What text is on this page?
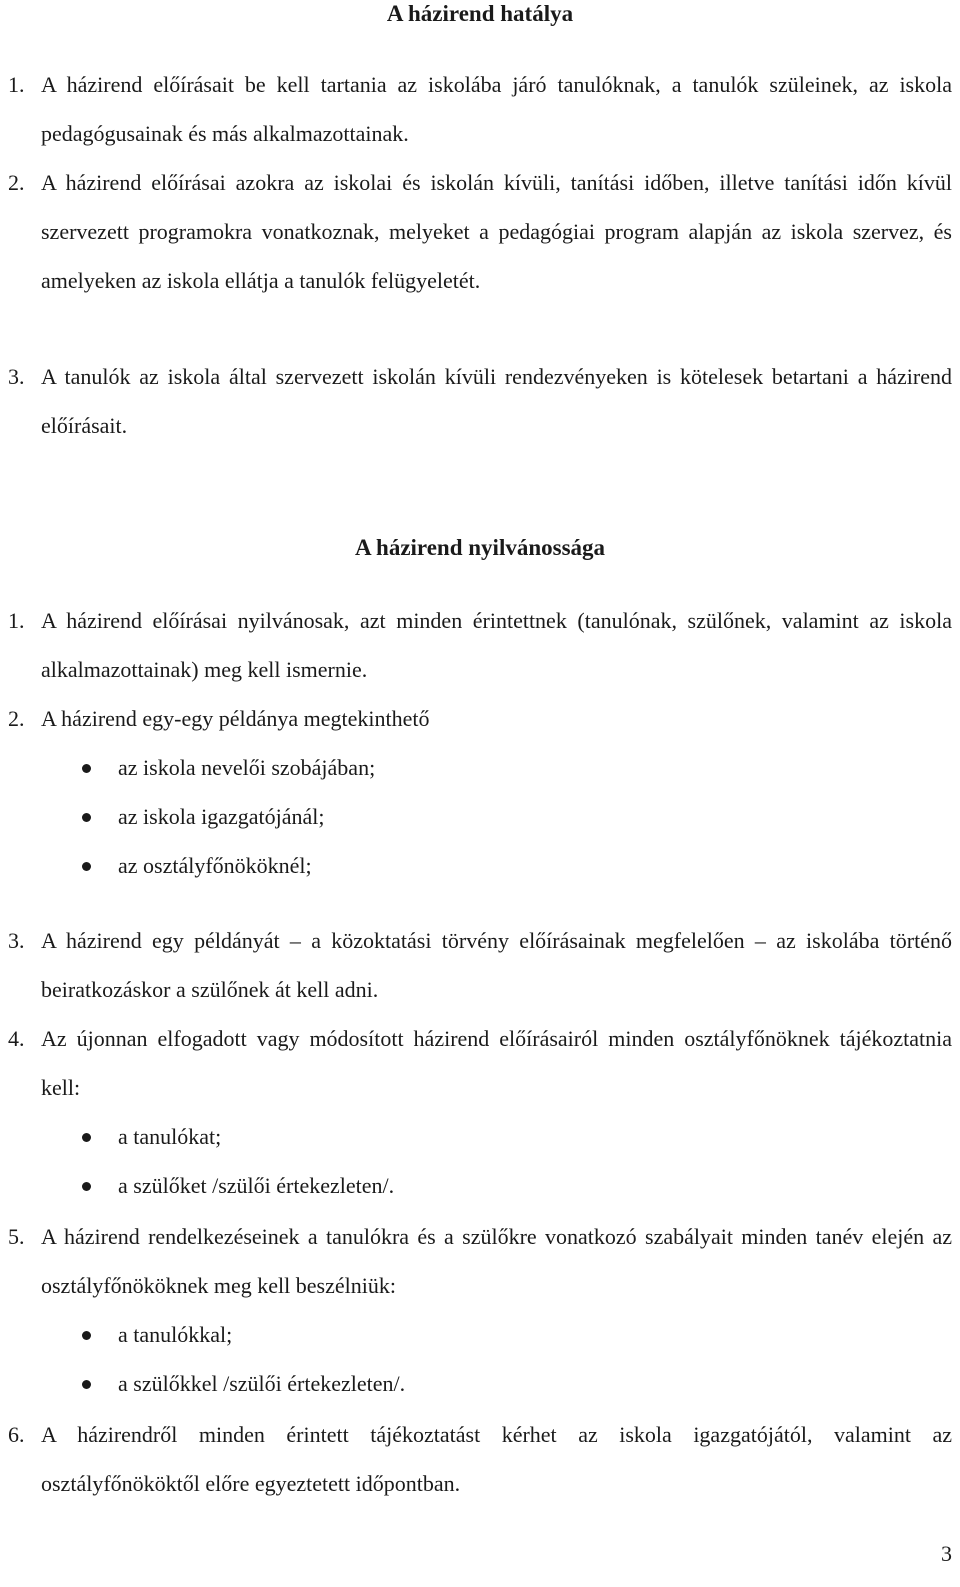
A házirend hatálya
1. A házirend előírásait be kell tartania az iskolába járó tanulóknak, a tanulók szüleinek, az iskola pedagógusainak és más alkalmazottainak.
2. A házirend előírásai azokra az iskolai és iskolán kívüli, tanítási időben, illetve tanítási időn kívül szervezett programokra vonatkoznak, melyeket a pedagógiai program alapján az iskola szervez, és amelyeken az iskola ellátja a tanulók felügyeletét.
3. A tanulók az iskola által szervezett iskolán kívüli rendezvényeken is kötelesek betartani a házirend előírásait.
A házirend nyilvánossága
1. A házirend előírásai nyilvánosak, azt minden érintettnek (tanulónak, szülőnek, valamint az iskola alkalmazottainak) meg kell ismernie.
2. A házirend egy-egy példánya megtekinthető
az iskola nevelői szobájában;
az iskola igazgatójánál;
az osztályfőnököknél;
3. A házirend egy példányát – a közoktatási törvény előírásainak megfelelően – az iskolába történő beiratkozáskor a szülőnek át kell adni.
4. Az újonnan elfogadott vagy módosított házirend előírásairól minden osztályfőnöknek tájékoztatnia kell:
a tanulókat;
a szülőket /szülői értekezleten/.
5. A házirend rendelkezéseinek a tanulókra és a szülőkre vonatkozó szabályait minden tanév elején az osztályfőnököknek meg kell beszélniük:
a tanulókkal;
a szülőkkel /szülői értekezleten/.
6. A házirendről minden érintett tájékoztatást kérhet az iskola igazgatójától, valamint az osztályfőnököktől előre egyeztetett időpontban.
3
